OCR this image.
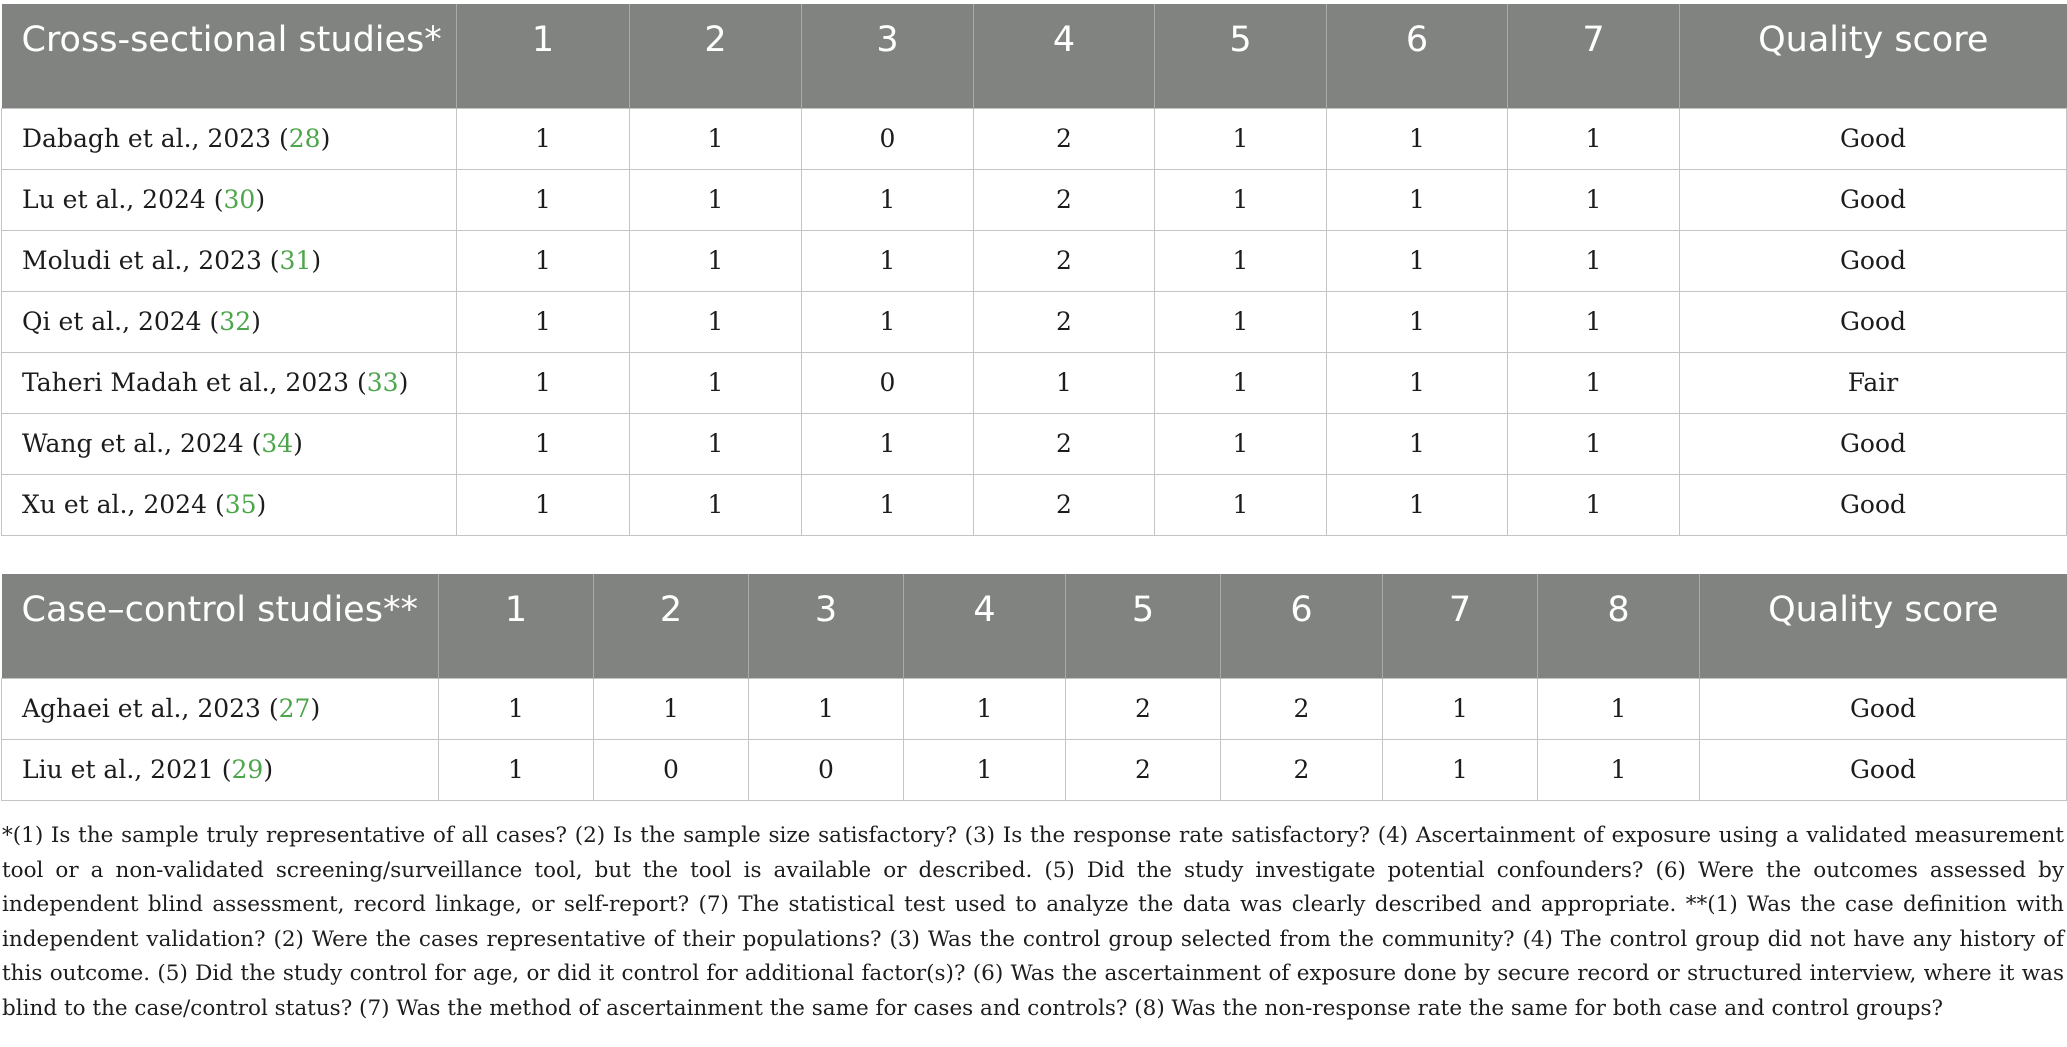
Cross-sectional studies*	1	2	3	4	5	6	7	Quality score
Dabagh et al., 2023 (28)	1	1	0	2	1	1	1	Good
Lu et al., 2024 (30)	1	1	1	2	1	1	1	Good
Moludi et al., 2023 (31)	1	1	1	2	1	1	1	Good
Qi et al., 2024 (32)	1	1	1	2	1	1	1	Good
Taheri Madah et al., 2023 (33)	1	1	0	1	1	1	1	Fair
Wang et al., 2024 (34)	1	1	1	2	1	1	1	Good
Xu et al., 2024 (35)	1	1	1	2	1	1	1	Good
Case–control studies**	1	2	3	4	5	6	7	8	Quality score
Aghaei et al., 2023 (27)	1	1	1	1	2	2	1	1	Good
Liu et al., 2021 (29)	1	0	0	1	2	2	1	1	Good

*(1) Is the sample truly representative of all cases? (2) Is the sample size satisfactory? (3) Is the response rate satisfactory? (4) Ascertainment of exposure using a validated measurement tool or a non-validated screening/surveillance tool, but the tool is available or described. (5) Did the study investigate potential confounders? (6) Were the outcomes assessed by independent blind assessment, record linkage, or self-report? (7) The statistical test used to analyze the data was clearly described and appropriate. **(1) Was the case definition with independent validation? (2) Were the cases representative of their populations? (3) Was the control group selected from the community? (4) The control group did not have any history of this outcome. (5) Did the study control for age, or did it control for additional factor(s)? (6) Was the ascertainment of exposure done by secure record or structured interview, where it was blind to the case/control status? (7) Was the method of ascertainment the same for cases and controls? (8) Was the non-response rate the same for both case and control groups?
